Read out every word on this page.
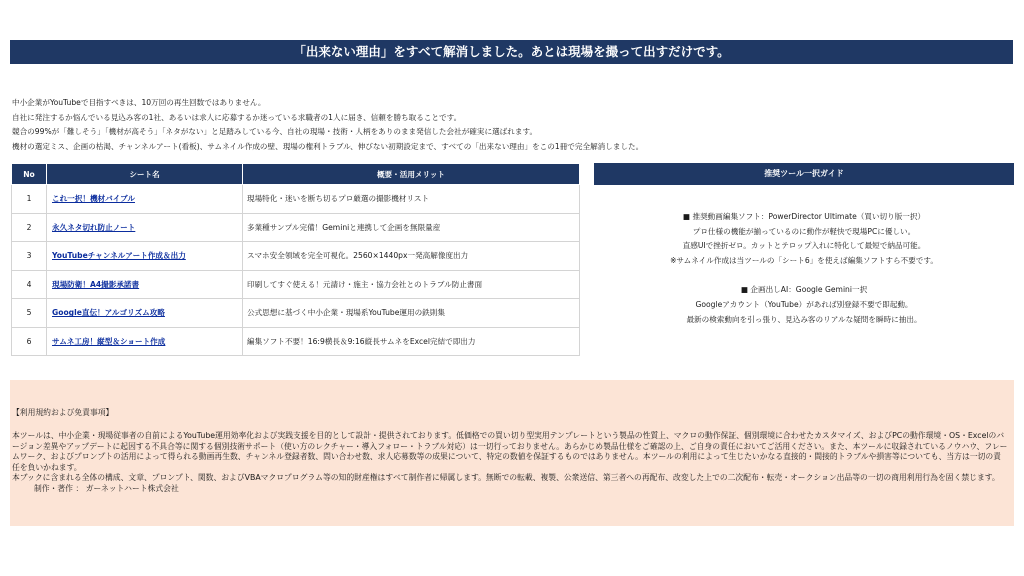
「出来ない理由」をすべて解消しました。あとは現場を撮って出すだけです。
中小企業がYouTubeで目指すべきは、10万回の再生回数ではありません。
自社に発注するか悩んでいる見込み客の1社、あるいは求人に応募するか迷っている求職者の1人に届き、信頼を勝ち取ることです。
競合の99%が「難しそう」「機材が高そう」「ネタがない」と足踏みしている今、自社の現場・技術・人柄をありのまま発信した会社が確実に選ばれます。
機材の選定ミス、企画の枯渇、チャンネルアート(看板)、サムネイル作成の壁、現場の権利トラブル、伸びない初期設定まで、すべての「出来ない理由」をこの1冊で完全解消しました。
No	シート名	概要・活用メリット
1	これ一択！機材バイブル	現場特化・迷いを断ち切るプロ厳選の撮影機材リスト
2	永久ネタ切れ防止ノート	多業種サンプル完備！Geminiと連携して企画を無限量産
3	YouTubeチャンネルアート作成＆出力	スマホ安全領域を完全可視化。2560×1440px一発高解像度出力
4	現場防衛！A4撮影承諾書	印刷してすぐ使える！元請け・施主・協力会社とのトラブル防止書面
5	Google直伝！アルゴリズム攻略	公式思想に基づく中小企業・現場系YouTube運用の鉄則集
6	サムネ工房！縦型＆ショート作成	編集ソフト不要！16:9横長＆9:16縦長サムネをExcel完結で即出力
推奨ツール一択ガイド
■ 推奨動画編集ソフト：PowerDirector Ultimate（買い切り版一択）
プロ仕様の機能が揃っているのに動作が軽快で現場PCに優しい。
直感UIで挫折ゼロ。カットとテロップ入れに特化して最短で納品可能。
※サムネイル作成は当ツールの「シート6」を使えば編集ソフトすら不要です。
■ 企画出しAI：Google Gemini一択
Googleアカウント（YouTube）があれば別登録不要で即起動。
最新の検索動向を引っ張り、見込み客のリアルな疑問を瞬時に抽出。
【利用規約および免責事項】
本ツールは、中小企業・現場従事者の自前によるYouTube運用効率化および実践支援を目的として設計・提供されております。低価格での買い切り型実用テンプレートという製品の性質上、マクロの動作保証、個別環境に合わせたカスタマイズ、およびPCの動作環境・OS・Excelのバージョン差異やアップデートに起因する不具合等に関する個別技術サポート（使い方のレクチャー・導入フォロー・トラブル対応）は一切行っておりません。あらかじめ製品仕様をご確認の上、ご自身の責任においてご活用ください。また、本ツールに収録されているノウハウ、フレームワーク、およびプロンプトの活用によって得られる動画再生数、チャンネル登録者数、問い合わせ数、求人応募数等の成果について、特定の数値を保証するものではありません。本ツールの利用によって生じたいかなる直接的・間接的トラブルや損害等についても、当方は一切の責任を負いかねます。
本ブックに含まれる全体の構成、文章、プロンプト、関数、およびVBAマクロプログラム等の知的財産権はすべて制作者に帰属します。無断での転載、複製、公衆送信、第三者への再配布、改変した上での二次配布・転売・オークション出品等の一切の商用利用行為を固く禁じます。制作・著作 ： ガーネットハート株式会社
